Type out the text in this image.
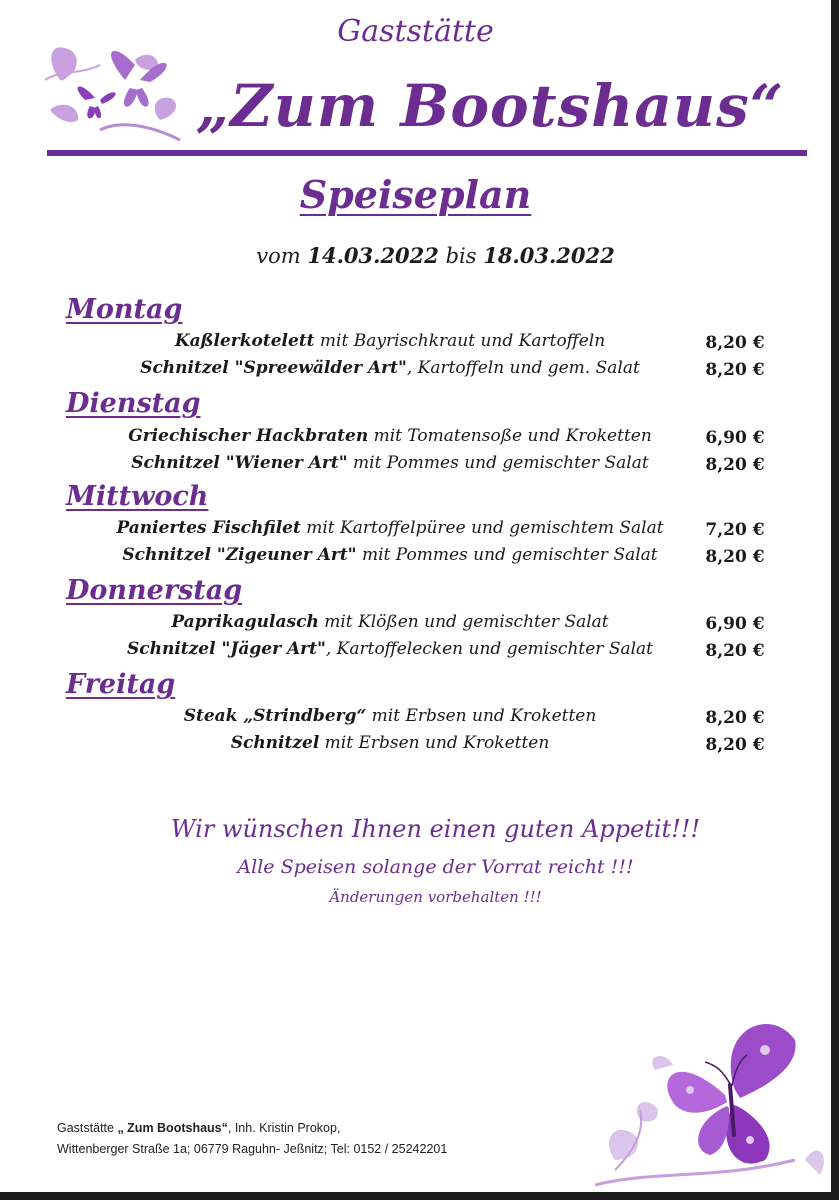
Gaststätte
„Zum Bootshaus“
Speiseplan
vom 14.03.2022 bis 18.03.2022
Montag
Kaßlerkotelett mit Bayrischkraut und Kartoffeln	8,20 €
Schnitzel "Spreewälder Art", Kartoffeln und gem. Salat	8,20 €
Dienstag
Griechischer Hackbraten mit Tomatensoße und Kroketten	6,90 €
Schnitzel "Wiener Art" mit Pommes und gemischter Salat	8,20 €
Mittwoch
Paniertes Fischfilet mit Kartoffelpüree und gemischtem Salat	7,20 €
Schnitzel "Zigeuner Art" mit Pommes und gemischter Salat	8,20 €
Donnerstag
Paprikagulasch mit Klößen und gemischter Salat	6,90 €
Schnitzel "Jäger Art", Kartoffelecken und gemischter Salat	8,20 €
Freitag
Steak „Strindberg“ mit Erbsen und Kroketten	8,20 €
Schnitzel mit Erbsen und Kroketten	8,20 €
Wir wünschen Ihnen einen guten Appetit!!!
Alle Speisen solange der Vorrat reicht !!!
Änderungen vorbehalten !!!
Gaststätte „ Zum Bootshaus“, Inh. Kristin Prokop,
Wittenberger Straße 1a; 06779 Raguhn- Jeßnitz; Tel: 0152 / 25242201
